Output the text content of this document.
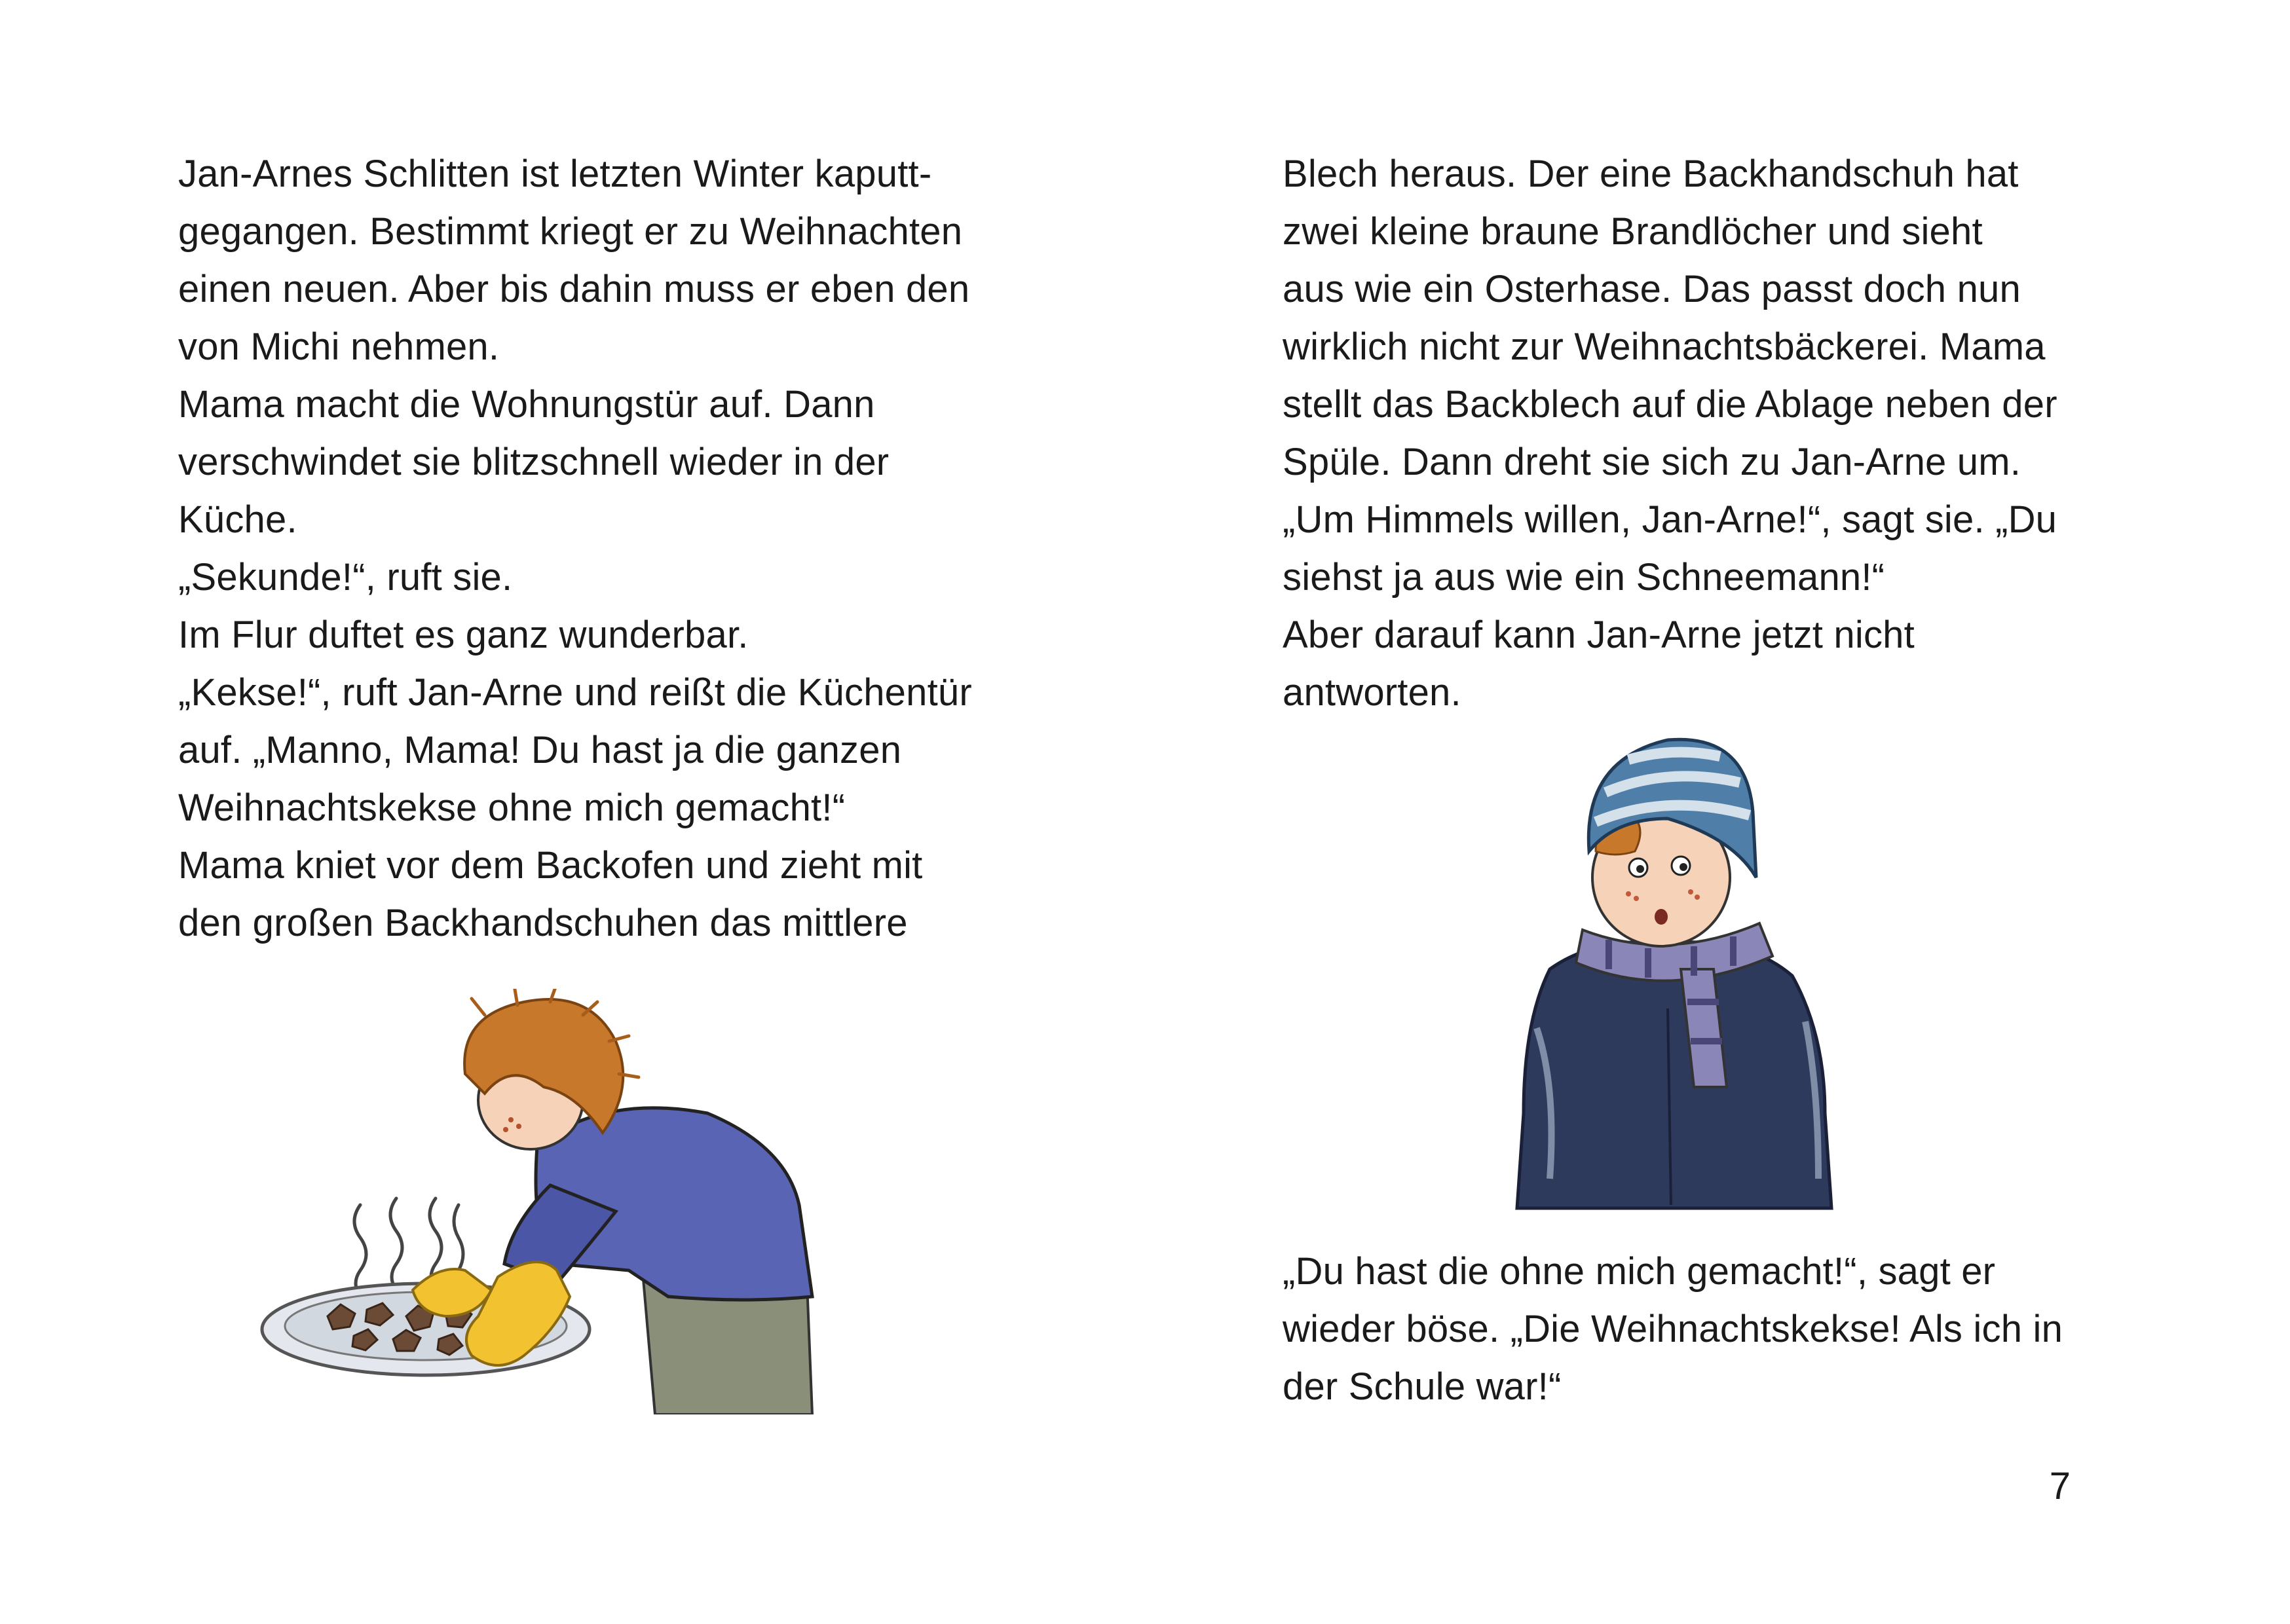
Jan-Arnes Schlitten ist letzten Winter kaputt-
gegangen. Bestimmt kriegt er zu Weihnachten
einen neuen. Aber bis dahin muss er eben den
von Michi nehmen.
Mama macht die Wohnungstür auf. Dann
verschwindet sie blitzschnell wieder in der
Küche.
„Sekunde!“, ruft sie.
Im Flur duftet es ganz wunderbar.
„Kekse!“, ruft Jan-Arne und reißt die Küchentür
auf. „Manno, Mama! Du hast ja die ganzen
Weihnachtskekse ohne mich gemacht!“
Mama kniet vor dem Backofen und zieht mit
den großen Backhandschuhen das mittlere
Blech heraus. Der eine Backhandschuh hat
zwei kleine braune Brandlöcher und sieht
aus wie ein Osterhase. Das passt doch nun
wirklich nicht zur Weihnachtsbäckerei. Mama
stellt das Backblech auf die Ablage neben der
Spüle. Dann dreht sie sich zu Jan-Arne um.
„Um Himmels willen, Jan-Arne!“, sagt sie. „Du
siehst ja aus wie ein Schneemann!“
Aber darauf kann Jan-Arne jetzt nicht
antworten.
„Du hast die ohne mich gemacht!“, sagt er
wieder böse. „Die Weihnachtskekse! Als ich in
der Schule war!“
7
